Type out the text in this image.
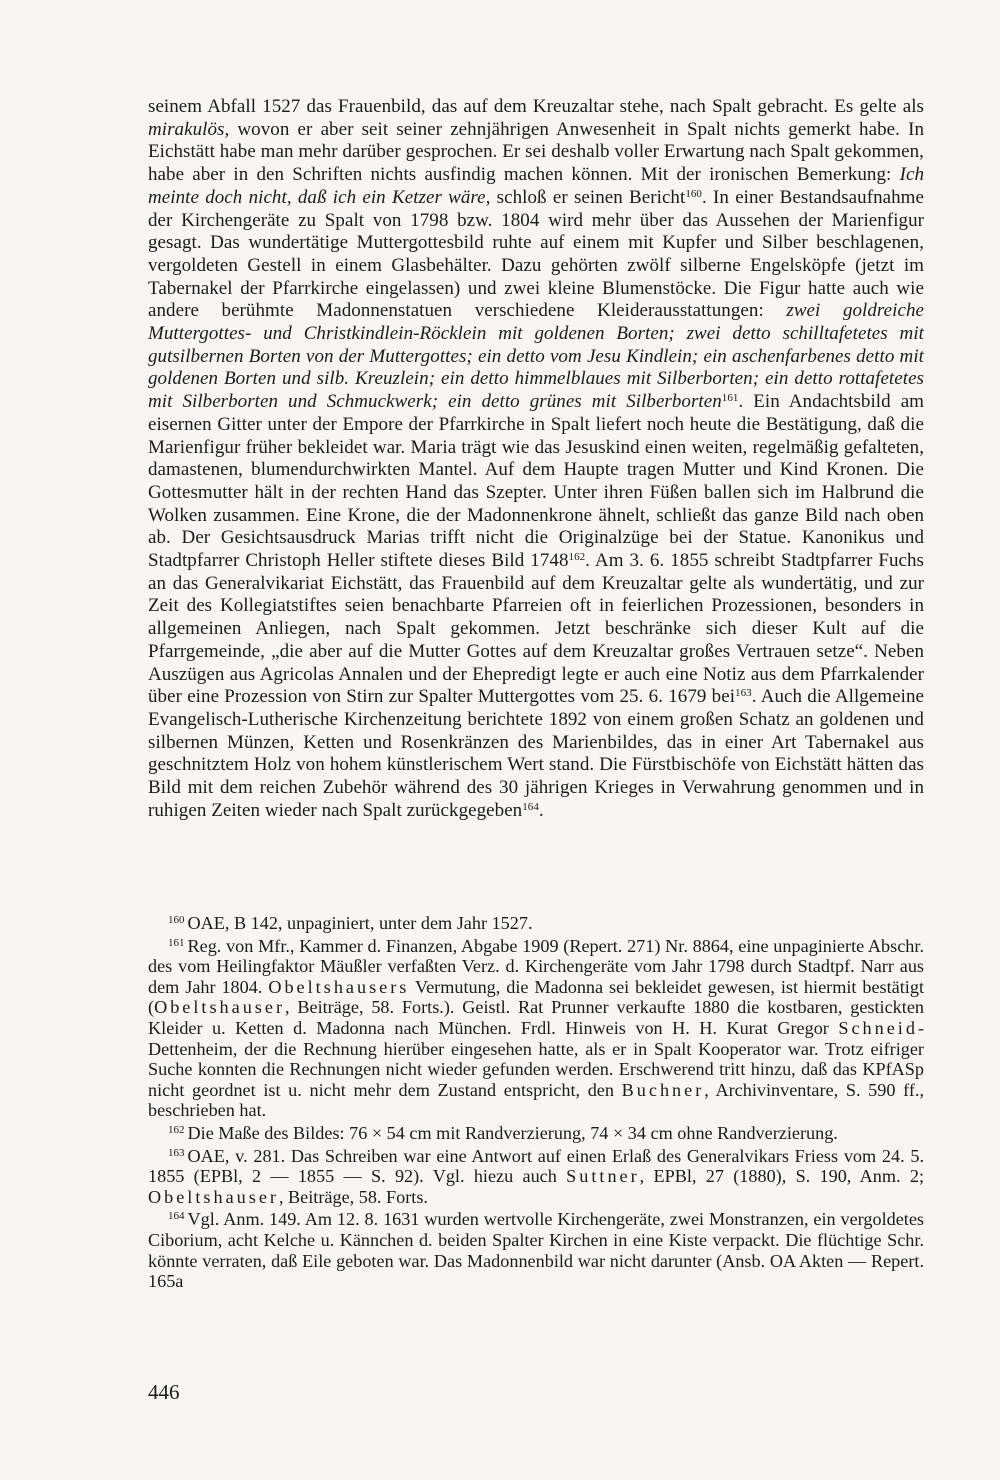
seinem Abfall 1527 das Frauenbild, das auf dem Kreuzaltar stehe, nach Spalt gebracht. Es gelte als mirakulös, wovon er aber seit seiner zehnjährigen Anwesenheit in Spalt nichts gemerkt habe. In Eichstätt habe man mehr darüber gesprochen. Er sei deshalb voller Erwartung nach Spalt gekommen, habe aber in den Schriften nichts ausfindig machen können. Mit der ironischen Bemerkung: Ich meinte doch nicht, daß ich ein Ketzer wäre, schloß er seinen Bericht$^{160}$. In einer Bestandsaufnahme der Kirchengeräte zu Spalt von 1798 bzw. 1804 wird mehr über das Aussehen der Marienfigur gesagt. Das wundertätige Muttergottesbild ruhte auf einem mit Kupfer und Silber beschlagenen, vergoldeten Gestell in einem Glasbehälter. Dazu gehörten zwölf silberne Engelsköpfe (jetzt im Tabernakel der Pfarrkirche eingelassen) und zwei kleine Blumenstöcke. Die Figur hatte auch wie andere berühmte Madonnenstatuen verschiedene Kleiderausstattungen: zwei goldreiche Muttergottes- und Christkindlein-Röcklein mit goldenen Borten; zwei detto schilltafetetes mit gutsilbernen Borten von der Muttergottes; ein detto vom Jesu Kindlein; ein aschenfarbenes detto mit goldenen Borten und silb. Kreuzlein; ein detto himmelblaues mit Silberborten; ein detto rottafetetes mit Silberborten und Schmuckwerk; ein detto grünes mit Silberborten$^{161}$. Ein Andachtsbild am eisernen Gitter unter der Empore der Pfarrkirche in Spalt liefert noch heute die Bestätigung, daß die Marienfigur früher bekleidet war. Maria trägt wie das Jesuskind einen weiten, regelmäßig gefalteten, damastenen, blumendurchwirkten Mantel. Auf dem Haupte tragen Mutter und Kind Kronen. Die Gottesmutter hält in der rechten Hand das Szepter. Unter ihren Füßen ballen sich im Halbrund die Wolken zusammen. Eine Krone, die der Madonnenkrone ähnelt, schließt das ganze Bild nach oben ab. Der Gesichtsausdruck Marias trifft nicht die Originalzüge bei der Statue. Kanonikus und Stadtpfarrer Christoph Heller stiftete dieses Bild 1748$^{162}$. Am 3. 6. 1855 schreibt Stadtpfarrer Fuchs an das Generalvikariat Eichstätt, das Frauenbild auf dem Kreuzaltar gelte als wundertätig, und zur Zeit des Kollegiatstiftes seien benachbarte Pfarreien oft in feierlichen Prozessionen, besonders in allgemeinen Anliegen, nach Spalt gekommen. Jetzt beschränke sich dieser Kult auf die Pfarrgemeinde, „die aber auf die Mutter Gottes auf dem Kreuzaltar großes Vertrauen setze“. Neben Auszügen aus Agricolas Annalen und der Ehepredigt legte er auch eine Notiz aus dem Pfarrkalender über eine Prozession von Stirn zur Spalter Muttergottes vom 25. 6. 1679 bei$^{163}$. Auch die Allgemeine Evangelisch-Lutherische Kirchenzeitung berichtete 1892 von einem großen Schatz an goldenen und silbernen Münzen, Ketten und Rosenkränzen des Marienbildes, das in einer Art Tabernakel aus geschnitztem Holz von hohem künstlerischem Wert stand. Die Fürstbischöfe von Eichstätt hätten das Bild mit dem reichen Zubehör während des 30 jährigen Krieges in Verwahrung genommen und in ruhigen Zeiten wieder nach Spalt zurückgegeben$^{164}$.

$^{160}$ OAE, B 142, unpaginiert, unter dem Jahr 1527.

$^{161}$ Reg. von Mfr., Kammer d. Finanzen, Abgabe 1909 (Repert. 271) Nr. 8864, eine unpaginierte Abschr. des vom Heilingfaktor Mäußler verfaßten Verz. d. Kirchengeräte vom Jahr 1798 durch Stadtpf. Narr aus dem Jahr 1804. Obeltshausers Vermutung, die Madonna sei bekleidet gewesen, ist hiermit bestätigt (Obeltshauser, Beiträge, 58. Forts.). Geistl. Rat Prunner verkaufte 1880 die kostbaren, gestickten Kleider u. Ketten d. Madonna nach München. Frdl. Hinweis von H. H. Kurat Gregor Schneid-Dettenheim, der die Rechnung hierüber eingesehen hatte, als er in Spalt Kooperator war. Trotz eifriger Suche konnten die Rechnungen nicht wieder gefunden werden. Erschwerend tritt hinzu, daß das KPfASp nicht geordnet ist u. nicht mehr dem Zustand entspricht, den Buchner, Archivinventare, S. 590 ff., beschrieben hat.

$^{162}$ Die Maße des Bildes: 76 × 54 cm mit Randverzierung, 74 × 34 cm ohne Randverzierung.

$^{163}$ OAE, v. 281. Das Schreiben war eine Antwort auf einen Erlaß des Generalvikars Friess vom 24. 5. 1855 (EPBl, 2 — 1855 — S. 92). Vgl. hiezu auch Suttner, EPBl, 27 (1880), S. 190, Anm. 2; Obeltshauser, Beiträge, 58. Forts.

$^{164}$ Vgl. Anm. 149. Am 12. 8. 1631 wurden wertvolle Kirchengeräte, zwei Monstranzen, ein vergoldetes Ciborium, acht Kelche u. Kännchen d. beiden Spalter Kirchen in eine Kiste verpackt. Die flüchtige Schr. könnte verraten, daß Eile geboten war. Das Madonnenbild war nicht darunter (Ansb. OA Akten — Repert. 165a

446
